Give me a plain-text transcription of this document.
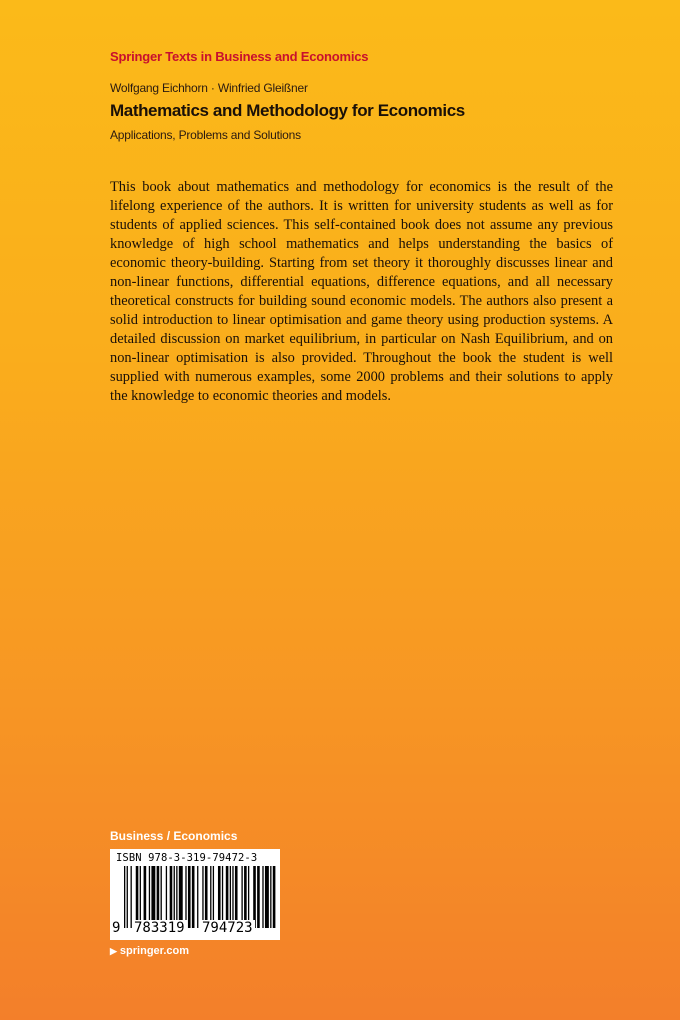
Springer Texts in Business and Economics
Wolfgang Eichhorn · Winfried Gleißner
Mathematics and Methodology for Economics
Applications, Problems and Solutions

This book about mathematics and methodology for economics is the result of the lifelong experience of the authors. It is written for university students as well as for students of applied sciences. This self-contained book does not assume any previous knowledge of high school mathematics and helps understanding the basics of economic theory-building. Starting from set theory it thoroughly discusses linear and non-linear functions, differential equations, difference equations, and all necessary theoretical constructs for building sound economic models. The authors also present a solid introduction to linear optimisation and game theory using production systems. A detailed discussion on market equilibrium, in particular on Nash Equilibrium, and on non-linear optimisation is also provided. Throughout the book the student is well supplied with numerous examples, some 2000 problems and their solutions to apply the knowledge to economic theories and models.

Business / Economics
ISBN 978-3-319-79472-3
9 783319 794723
▶ springer.com
